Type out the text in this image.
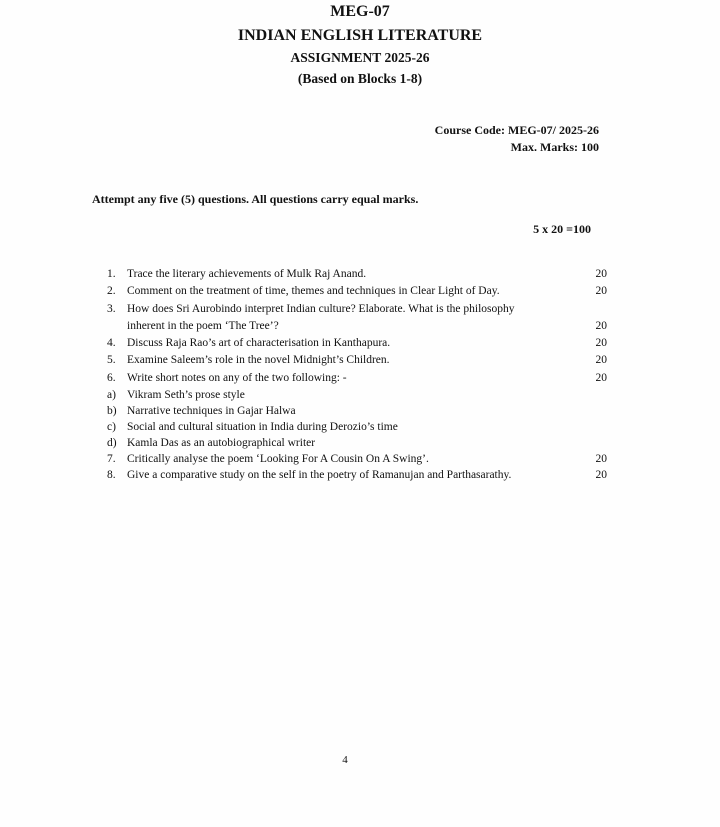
MEG-07
INDIAN ENGLISH LITERATURE
ASSIGNMENT 2025-26
(Based on Blocks 1-8)
Course Code: MEG-07/ 2025-26
Max. Marks: 100
Attempt any five (5) questions. All questions carry equal marks.
5 x 20 =100
1. Trace the literary achievements of Mulk Raj Anand.	20
2. Comment on the treatment of time, themes and techniques in Clear Light of Day.	20
3. How does Sri Aurobindo interpret Indian culture? Elaborate. What is the philosophy
inherent in the poem ‘The Tree’?	20
4. Discuss Raja Rao’s art of characterisation in Kanthapura.	20
5. Examine Saleem’s role in the novel Midnight’s Children.	20
6. Write short notes on any of the two following: -	20
a) Vikram Seth’s prose style
b) Narrative techniques in Gajar Halwa
c) Social and cultural situation in India during Derozio’s time
d) Kamla Das as an autobiographical writer
7. Critically analyse the poem ‘Looking For A Cousin On A Swing’.	20
8. Give a comparative study on the self in the poetry of Ramanujan and Parthasarathy.	20
4
